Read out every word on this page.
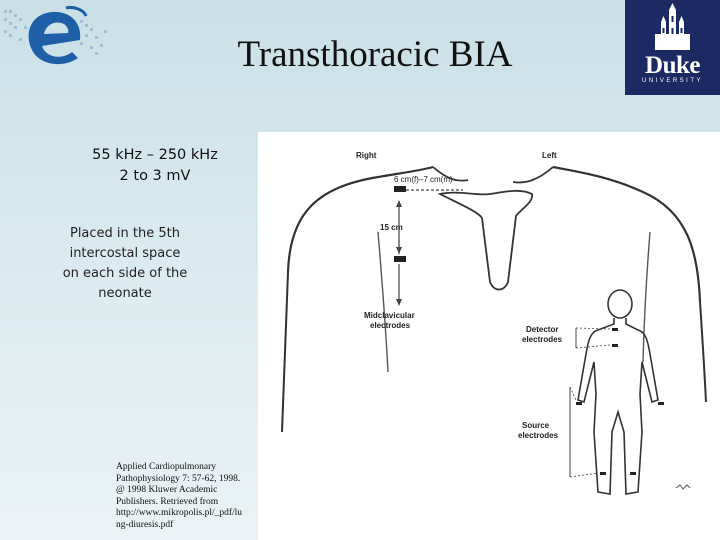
Duke
UNIVERSITY
Transthoracic BIA
55 kHz – 250 kHz
2 to 3 mV
Placed in the 5th
intercostal space
on each side of the
neonate
Applied Cardiopulmonary
Pathophysiology 7: 57-62, 1998.
@ 1998 Kluwer Academic
Publishers. Retrieved from
http://www.mikropolis.pl/_pdf/lu
ng-diuresis.pdf
Right	Left
6 cm(f)–7 cm(m)
15 cm
Midclavicular
electrodes	Detector
electrodes
Source
electrodes
